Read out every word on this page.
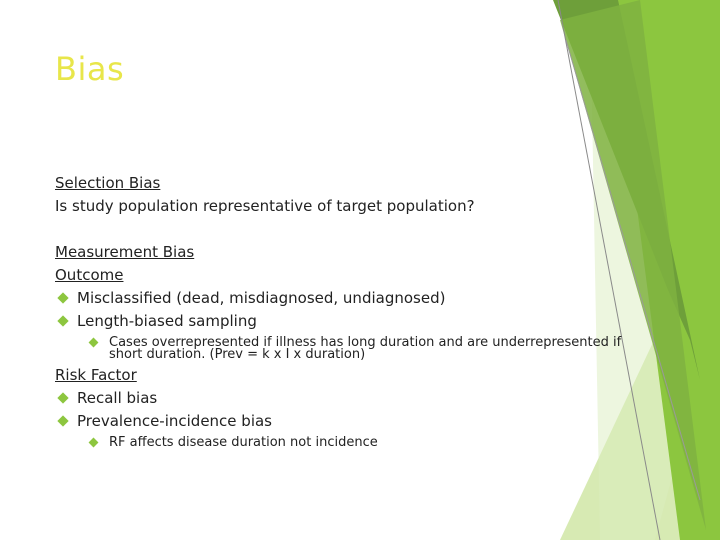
Bias
Selection Bias
Is study population representative of target population?
Measurement Bias
Outcome
Misclassified (dead, misdiagnosed, undiagnosed)
Length-biased sampling
Cases overrepresented if illness has long duration and are underrepresented if short duration. (Prev = k x I x duration)
Risk Factor
Recall bias
Prevalence-incidence bias
RF affects disease duration not incidence
